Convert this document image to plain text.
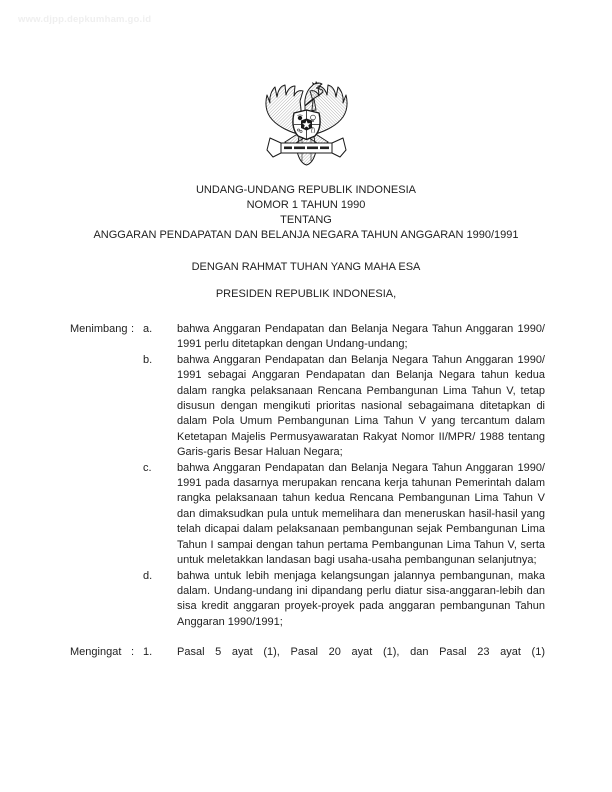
www.djpp.depkumham.go.id
UNDANG-UNDANG REPUBLIK INDONESIA
NOMOR 1 TAHUN 1990
TENTANG
ANGGARAN PENDAPATAN DAN BELANJA NEGARA TAHUN ANGGARAN 1990/1991
DENGAN RAHMAT TUHAN YANG MAHA ESA
PRESIDEN REPUBLIK INDONESIA,
Menimbang : a.	bahwa Anggaran Pendapatan dan Belanja Negara Tahun Anggaran 1990/ 1991 perlu ditetapkan dengan Undang-undang;
b.	bahwa Anggaran Pendapatan dan Belanja Negara Tahun Anggaran 1990/ 1991 sebagai Anggaran Pendapatan dan Belanja Negara tahun kedua dalam rangka pelaksanaan Rencana Pembangunan Lima Tahun V, tetap disusun dengan mengikuti prioritas nasional sebagaimana ditetapkan di dalam Pola Umum Pembangunan Lima Tahun V yang tercantum dalam Ketetapan Majelis Permusyawaratan Rakyat Nomor II/MPR/ 1988 tentang Garis-garis Besar Haluan Negara;
c.	bahwa Anggaran Pendapatan dan Belanja Negara Tahun Anggaran 1990/ 1991 pada dasarnya merupakan rencana kerja tahunan Pemerintah dalam rangka pelaksanaan tahun kedua Rencana Pembangunan Lima Tahun V dan dimaksudkan pula untuk memelihara dan meneruskan hasil-hasil yang telah dicapai dalam pelaksanaan pembangunan sejak Pembangunan Lima Tahun I sampai dengan tahun pertama Pembangunan Lima Tahun V, serta untuk meletakkan landasan bagi usaha-usaha pembangunan selanjutnya;
d.	bahwa untuk lebih menjaga kelangsungan jalannya pembangunan, maka dalam. Undang-undang ini dipandang perlu diatur sisa-anggaran-lebih dan sisa kredit anggaran proyek-proyek pada anggaran pembangunan Tahun Anggaran 1990/1991;
Mengingat : 1.	Pasal 5 ayat (1), Pasal 20 ayat (1), dan Pasal 23 ayat (1)
